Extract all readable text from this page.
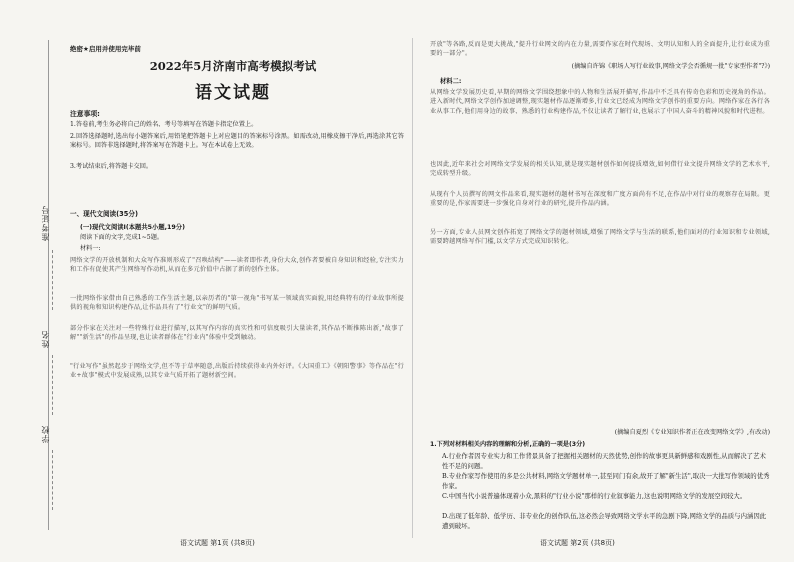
准考证号
姓名
学校
绝密★启用并使用完毕前
2022年5月济南市高考模拟考试
语文试题
注意事项:
1.答卷前,考生务必将自己的姓名、考号等填写在答题卡指定位置上。
2.回答选择题时,选出每小题答案后,用铅笔把答题卡上对应题目的答案标号涂黑。如需改动,用橡皮擦干净后,再选涂其它答案标号。回答非选择题时,将答案写在答题卡上。写在本试卷上无效。
3.考试结束后,将答题卡交回。
一、现代文阅读(35分)
(一)现代文阅读Ⅰ(本题共5小题,19分)
阅读下面的文字,完成1~5题。
材料一:
网络文学的开放机制和大众写作准则形成了"召唤结构"——读者即作者,身份大众,创作者要被自身知识和经验,专注实力和工作有促使其产生网络写作动机,从而在多元价值中占据了新的创作主体。
一批网络作家借由自己熟悉的工作生活主题,以亲历者的"第一视角"书写某一领域真实面貌,用经典特有的行业故事所提供的视角和知识构建作品,让作品具有了"行业文"的鲜明气质。
部分作家在关注对一些特殊行业进行描写,以其写作内容的真实性和可信度吸引大量读者,其作品不断推陈出新,"故事了解""新生活"的作品呈现,也让读者群体在"行业内"体验中受到触动。
"行业写作"虽然起步于网络文学,但不等于草率随意,出版后持续获得业内外好评。《大国重工》《朝阳警事》等作品在"行业+故事"模式中发展成熟,以其专业气质开拓了题材新空间。
语文试题 第1页 (共8页)
开放"等各路,反而是更大挑战,"提升行业网文的内在力量,需要作家在时代现场、文明认知和人的全面提升,让行业成为重要的一部分"。
(摘编自许锦《职场人写行业故事,网络文学会否循规一批"专家型作者"?》)
材料二:
从网络文学发展历史看,早期的网络文学围绕想象中的人物和生活展开描写,作品中不乏具有传奇色彩和历史视角的作品。进入新时代,网络文学创作加速调整,现实题材作品逐渐增多,行业文已经成为网络文学创作的重要方向。网络作家在各行各业从事工作,他们用身边的故事、熟悉的行业构建作品,不仅让读者了解行业,也展示了中国人奋斗的精神风貌和时代进程。
也因此,近年来社会对网络文学发展的相关认知,就是现实题材创作如何提质增效,如何借行业文提升网络文学的艺术水平,完成转型升级。
从现有个人员撰写的网文作品来看,现实题材的题材书写在深度和广度方面尚有不足,在作品中对行业的观察存在局限。更重要的是,作家需要进一步强化自身对行业的研究,提升作品内涵。
另一方面,专业人员网文创作拓宽了网络文学的题材领域,增强了网络文学与生活的联系,他们面对的行业知识和专业领域,需要跨越网络写作门槛,以文学方式完成知识转化。
(摘编自夏烈《专业知识作者正在改变网络文学》,有改动)
1.下列对材料相关内容的理解和分析,正确的一项是(3分)
A.行业作者因专业实力和工作背景具备了把握相关题材的天然优势,创作的故事更具新鲜感和戏剧性,从而解决了艺术性不足的问题。
B.专业作家写作使用的多是公共材料,网络文学题材单一,甚至同门有余,故开了解"新生活",取决一大批写作领域的优秀作家。
C.中国当代小说普遍体现着小众,黑料的"行业小说"那样的行业叙事能力,这也说明网络文学的发展空间较大。
D.出现了低年龄、低学历、非专业化的创作队伍,这必然会导致网络文学水平的急剧下降,网络文学的品质与内涵因此遭到破坏。
语文试题 第2页 (共8页)
